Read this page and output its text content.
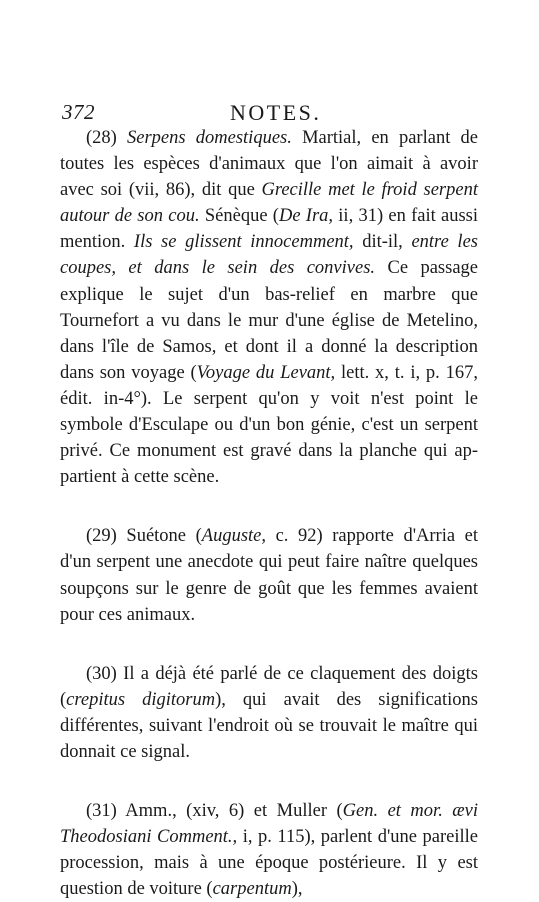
372	NOTES.

(28) Serpens domestiques. Martial, en parlant de toutes les espèces d'animaux que l'on aimait à avoir avec soi (vii, 86), dit que Grecille met le froid serpent autour de son cou. Sénèque (De Ira, ii, 31) en fait aussi mention. Ils se glissent innocemment, dit-il, entre les coupes, et dans le sein des convives. Ce passage explique le sujet d'un bas-relief en marbre que Tournefort a vu dans le mur d'une église de Metelino, dans l'île de Samos, et dont il a donné la description dans son voyage (Voyage du Levant, lett. x, t. i, p. 167, édit. in-4°). Le serpent qu'on y voit n'est point le symbole d'Esculape ou d'un bon génie, c'est un serpent privé. Ce monument est gravé dans la planche qui appartient à cette scène.

(29) Suétone (Auguste, c. 92) rapporte d'Arria et d'un serpent une anecdote qui peut faire naître quelques soupçons sur le genre de goût que les femmes avaient pour ces animaux.

(30) Il a déjà été parlé de ce claquement des doigts (crepitus digitorum), qui avait des significations différentes, suivant l'endroit où se trouvait le maître qui donnait ce signal.

(31) Amm., (xiv, 6) et Muller (Gen. et mor. ævi Theodosiani Comment., i, p. 115), parlent d'une pareille procession, mais à une époque postérieure. Il y est question de voiture (carpentum),
